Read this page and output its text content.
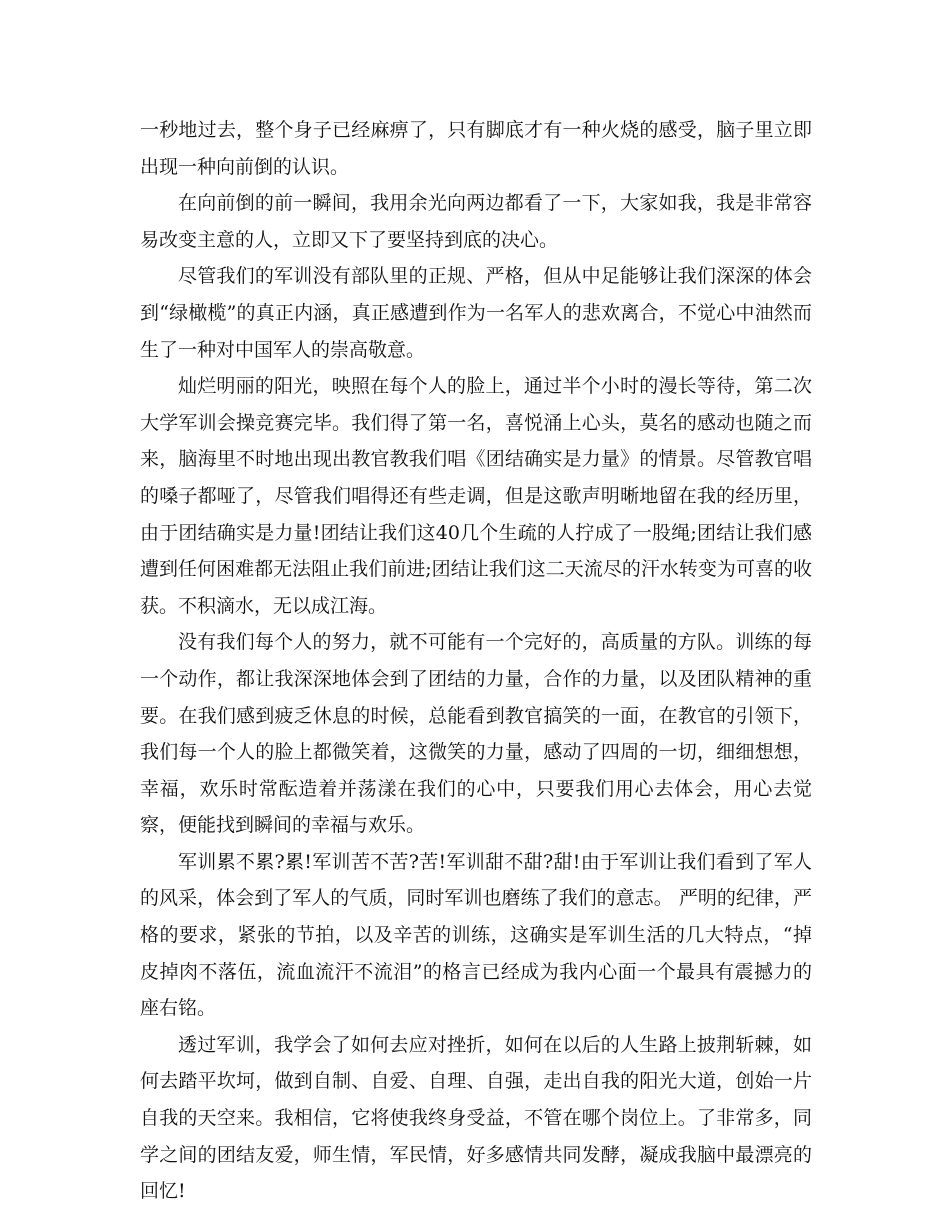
一秒地过去，整个身子已经麻痹了，只有脚底才有一种火烧的感受，脑子里立即出现一种向前倒的认识。

在向前倒的前一瞬间，我用余光向两边都看了一下，大家如我，我是非常容易改变主意的人，立即又下了要坚持到底的决心。

尽管我们的军训没有部队里的正规、严格，但从中足能够让我们深深的体会到“绿橄榄”的真正内涵，真正感遭到作为一名军人的悲欢离合，不觉心中油然而生了一种对中国军人的崇高敬意。

灿烂明丽的阳光，映照在每个人的脸上，通过半个小时的漫长等待，第二次大学军训会操竞赛完毕。我们得了第一名，喜悦涌上心头，莫名的感动也随之而来，脑海里不时地出现出教官教我们唱《团结确实是力量》的情景。尽管教官唱的嗓子都哑了，尽管我们唱得还有些走调，但是这歌声明晰地留在我的经历里，由于团结确实是力量!团结让我们这40几个生疏的人拧成了一股绳;团结让我们感遭到任何困难都无法阻止我们前进;团结让我们这二天流尽的汗水转变为可喜的收获。不积滴水，无以成江海。

没有我们每个人的努力，就不可能有一个完好的，高质量的方队。训练的每一个动作，都让我深深地体会到了团结的力量，合作的力量，以及团队精神的重要。在我们感到疲乏休息的时候，总能看到教官搞笑的一面，在教官的引领下，我们每一个人的脸上都微笑着，这微笑的力量，感动了四周的一切，细细想想，幸福，欢乐时常酝造着并荡漾在我们的心中，只要我们用心去体会，用心去觉察，便能找到瞬间的幸福与欢乐。

军训累不累?累!军训苦不苦?苦!军训甜不甜?甜!由于军训让我们看到了军人的风采，体会到了军人的气质，同时军训也磨练了我们的意志。 严明的纪律，严格的要求，紧张的节拍，以及辛苦的训练，这确实是军训生活的几大特点，“掉皮掉肉不落伍，流血流汗不流泪”的格言已经成为我内心面一个最具有震撼力的座右铭。

透过军训，我学会了如何去应对挫折，如何在以后的人生路上披荆斩棘，如何去踏平坎坷，做到自制、自爱、自理、自强，走出自我的阳光大道，创始一片自我的天空来。我相信，它将使我终身受益，不管在哪个岗位上。了非常多，同学之间的团结友爱，师生情，军民情，好多感情共同发酵，凝成我脑中最漂亮的回忆!
